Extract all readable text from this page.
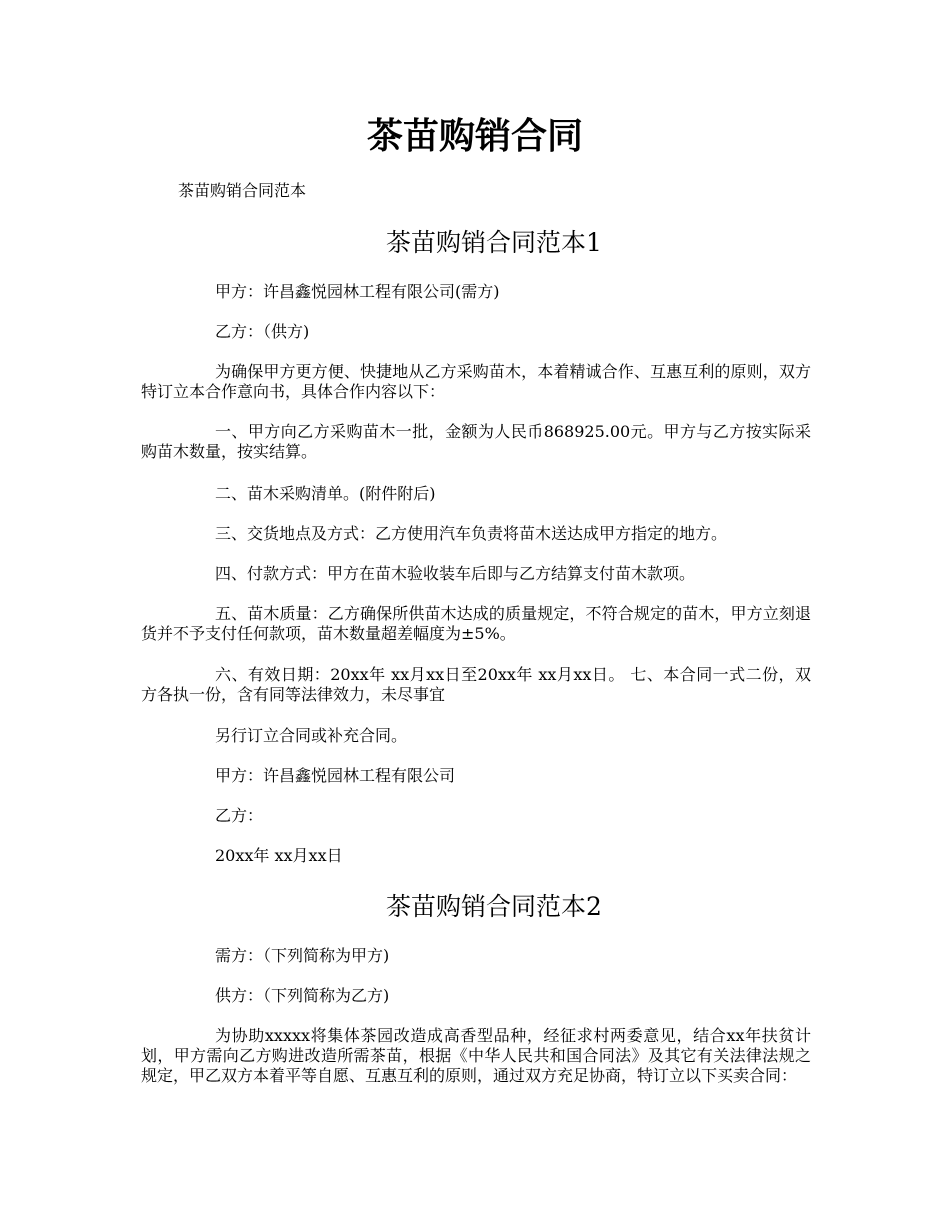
茶苗购销合同

茶苗购销合同范本

茶苗购销合同范本1

甲方：许昌鑫悦园林工程有限公司(需方)

乙方：（供方)

为确保甲方更方便、快捷地从乙方采购苗木，本着精诚合作、互惠互利的原则，双方特订立本合作意向书，具体合作内容以下：

一、甲方向乙方采购苗木一批，金额为人民币868925.00元。甲方与乙方按实际采购苗木数量，按实结算。

二、苗木采购清单。(附件附后)

三、交货地点及方式：乙方使用汽车负责将苗木送达成甲方指定的地方。

四、付款方式：甲方在苗木验收装车后即与乙方结算支付苗木款项。

五、苗木质量：乙方确保所供苗木达成的质量规定，不符合规定的苗木，甲方立刻退货并不予支付任何款项，苗木数量超差幅度为±5%。

六、有效日期：20xx年 xx月xx日至20xx年 xx月xx日。 七、本合同一式二份，双方各执一份，含有同等法律效力，未尽事宜

另行订立合同或补充合同。

甲方：许昌鑫悦园林工程有限公司

乙方：

20xx年 xx月xx日

茶苗购销合同范本2

需方：（下列简称为甲方)

供方：（下列简称为乙方)

为协助xxxxx将集体茶园改造成高香型品种，经征求村两委意见，结合xx年扶贫计划，甲方需向乙方购进改造所需茶苗，根据《中华人民共和国合同法》及其它有关法律法规之规定，甲乙双方本着平等自愿、互惠互利的原则，通过双方充足协商，特订立以下买卖合同：
